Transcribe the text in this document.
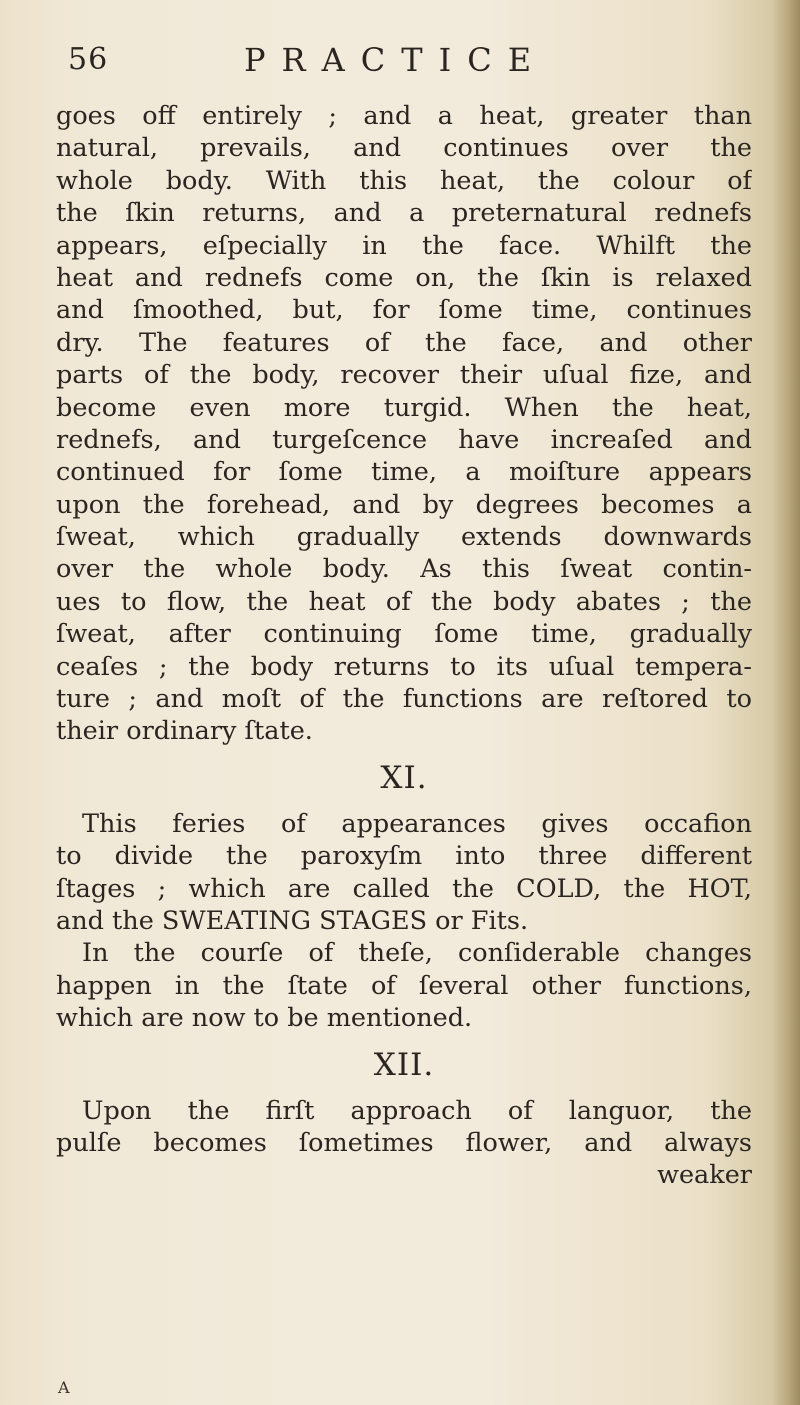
56	PRACTICE
goes off entirely ; and a heat, greater than
natural, prevails, and continues over the
whole body. With this heat, the colour of
the ſkin returns, and a preternatural rednefs
appears, eſpecially in the face. Whilft the
heat and rednefs come on, the ſkin is relaxed
and ſmoothed, but, for ſome time, continues
dry. The features of the face, and other
parts of the body, recover their uſual fize, and
become even more turgid. When the heat,
rednefs, and turgeſcence have increaſed and
continued for ſome time, a moiſture appears
upon the forehead, and by degrees becomes a
ſweat, which gradually extends downwards
over the whole body. As this ſweat contin-
ues to flow, the heat of the body abates ; the
ſweat, after continuing ſome time, gradually
ceaſes ; the body returns to its uſual tempera-
ture ; and moſt of the functions are reſtored to
their ordinary ſtate.
XI.
This feries of appearances gives occafion
to divide the paroxyſm into three different
ſtages ; which are called the COLD, the HOT,
and the SWEATING STAGES or Fits.
In the courſe of theſe, conſiderable changes
happen in the ſtate of ſeveral other functions,
which are now to be mentioned.
XII.
Upon the firſt approach of languor, the
pulſe becomes ſometimes flower, and always
weaker
A
